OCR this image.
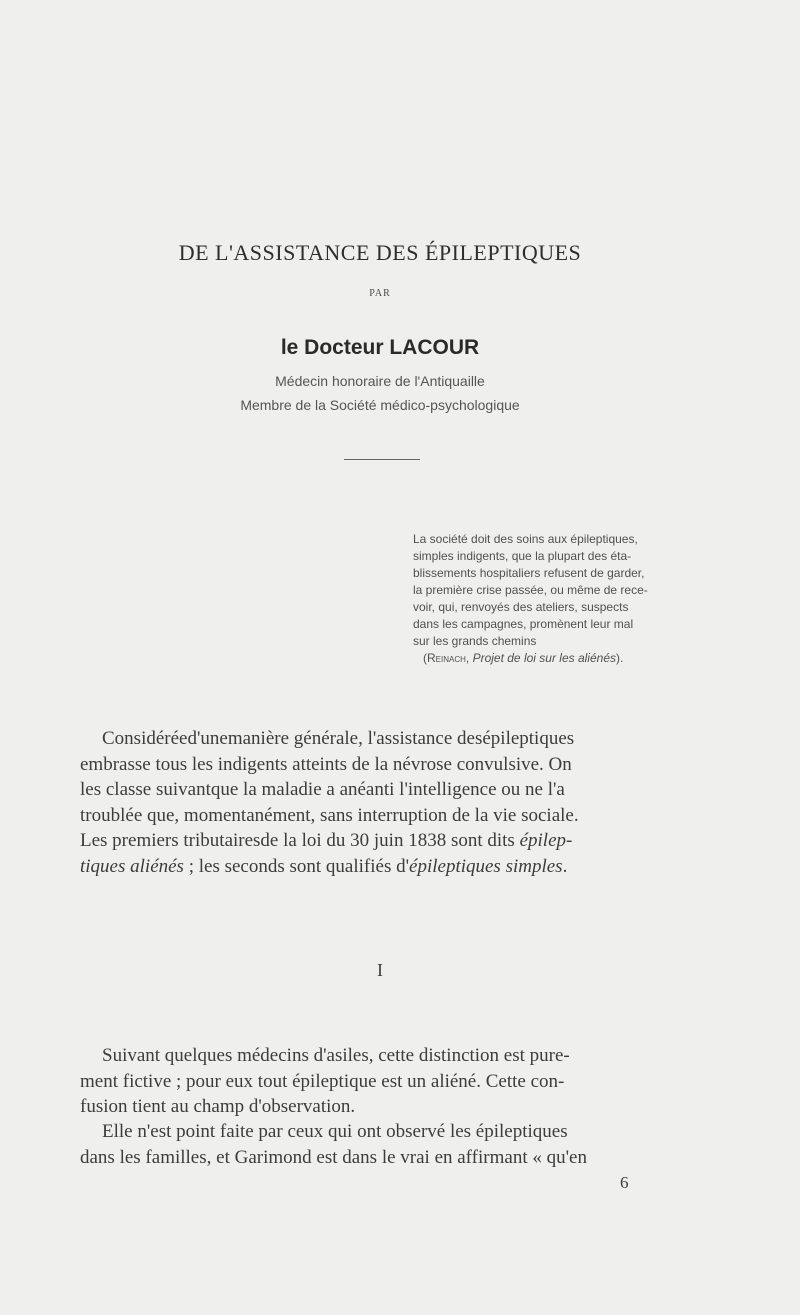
DE L'ASSISTANCE DES ÉPILEPTIQUES
PAR
le Docteur LACOUR
Médecin honoraire de l'Antiquaille
Membre de la Société médico-psychologique
La société doit des soins aux épileptiques,
simples indigents, que la plupart des éta-
blissements hospitaliers refusent de garder,
la première crise passée, ou même de rece-
voir, qui, renvoyés des ateliers, suspects
dans les campagnes, promènent leur mal
sur les grands chemins
(Reinach, Projet de loi sur les aliénés).
Considéréed'unemanière générale, l'assistance desépileptiques
embrasse tous les indigents atteints de la névrose convulsive. On
les classe suivantque la maladie a anéanti l'intelligence ou ne l'a
troublée que, momentanément, sans interruption de la vie sociale.
Les premiers tributairesde la loi du 30 juin 1838 sont dits épilep-
tiques aliénés ; les seconds sont qualifiés d'épileptiques simples.
I
Suivant quelques médecins d'asiles, cette distinction est pure-
ment fictive ; pour eux tout épileptique est un aliéné. Cette con-
fusion tient au champ d'observation.
Elle n'est point faite par ceux qui ont observé les épileptiques
dans les familles, et Garimond est dans le vrai en affirmant « qu'en
6
